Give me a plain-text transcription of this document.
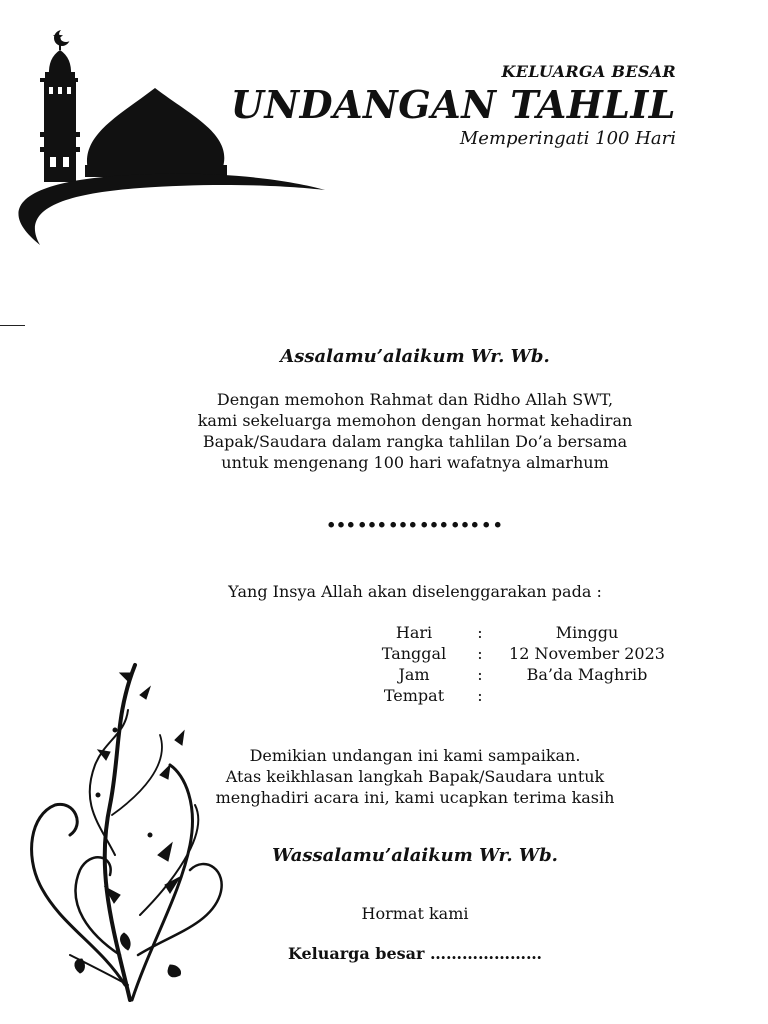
KELUARGA BESAR
UNDANGAN TAHLIL
Memperingati 100 Hari
Assalamu’alaikum Wr. Wb.
Dengan memohon Rahmat dan Ridho Allah SWT,
kami sekeluarga memohon dengan hormat kehadiran
Bapak/Saudara dalam rangka tahlilan Do’a bersama
untuk mengenang 100 hari wafatnya almarhum
……………..
Yang Insya Allah akan diselenggarakan pada :
Hari	:	Minggu
Tanggal	:	12 November 2023
Jam	:	Ba’da Maghrib
Tempat	:
Demikian undangan ini kami sampaikan.
Atas keikhlasan langkah Bapak/Saudara untuk
menghadiri acara ini, kami ucapkan terima kasih
Wassalamu’alaikum Wr. Wb.
Hormat kami
Keluarga besar …………………
